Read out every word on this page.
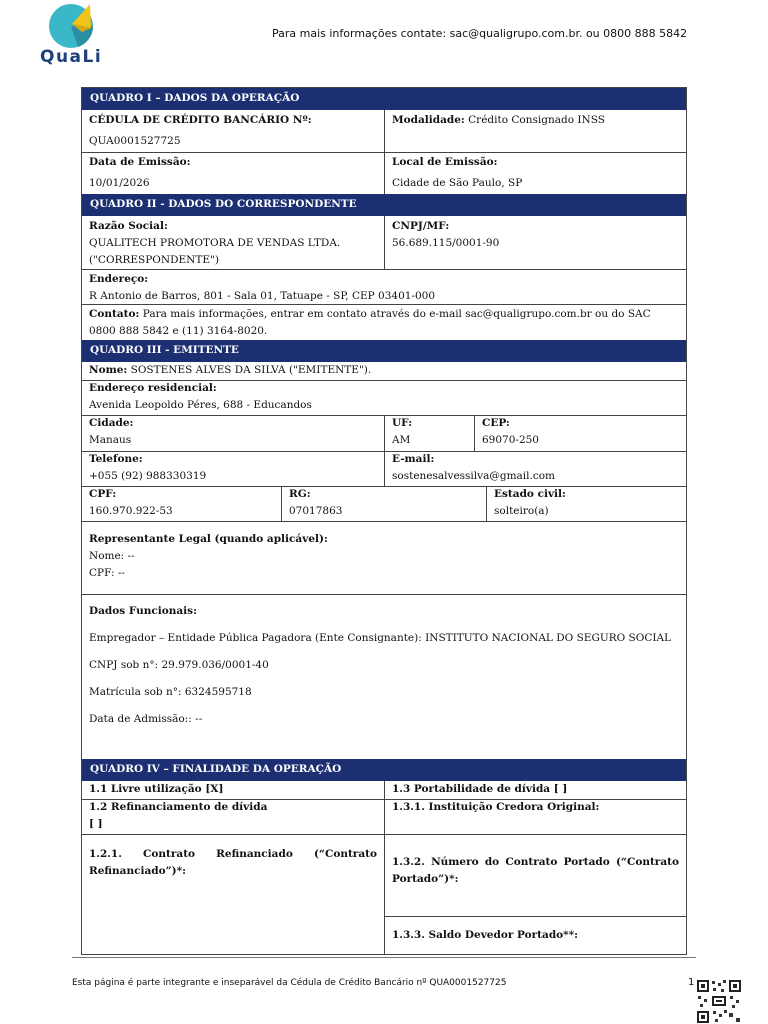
QuaLi
Para mais informações contate: sac@qualigrupo.com.br. ou 0800 888 5842
QUADRO I – DADOS DA OPERAÇÃO
CÉDULA DE CRÉDITO BANCÁRIO Nº:
QUA0001527725
Modalidade: Crédito Consignado INSS
Data de Emissão:
10/01/2026
Local de Emissão:
Cidade de São Paulo, SP
QUADRO II - DADOS DO CORRESPONDENTE
Razão Social:
QUALITECH PROMOTORA DE VENDAS LTDA.
("CORRESPONDENTE")
CNPJ/MF:
56.689.115/0001-90
Endereço:
R Antonio de Barros, 801 - Sala 01, Tatuape - SP, CEP 03401-000
Contato: Para mais informações, entrar em contato através do e-mail sac@qualigrupo.com.br ou do SAC
0800 888 5842 e (11) 3164-8020.
QUADRO III - EMITENTE
Nome: SOSTENES ALVES DA SILVA ("EMITENTE").
Endereço residencial:
Avenida Leopoldo Péres, 688 - Educandos
Cidade:
Manaus
UF:
AM
CEP:
69070-250
Telefone:
+055 (92) 988330319
E-mail:
sostenesalvessilva@gmail.com
CPF:
160.970.922-53
RG:
07017863
Estado civil:
solteiro(a)
Representante Legal (quando aplicável):
Nome: --
CPF: --
Dados Funcionais:
Empregador – Entidade Pública Pagadora (Ente Consignante): INSTITUTO NACIONAL DO SEGURO SOCIAL
CNPJ sob n°: 29.979.036/0001-40
Matrícula sob n°: 6324595718
Data de Admissão:: --
QUADRO IV – FINALIDADE DA OPERAÇÃO
1.1 Livre utilização [X]	1.3 Portabilidade de dívida [ ]
1.2 Refinanciamento de dívida
[ ]
1.3.1. Instituição Credora Original:
1.2.1. Contrato Refinanciado (“Contrato Refinanciado”)*:
1.3.2. Número do Contrato Portado (“Contrato Portado”)*:
1.3.3. Saldo Devedor Portado**:
Esta página é parte integrante e inseparável da Cédula de Crédito Bancário nº QUA0001527725	1
